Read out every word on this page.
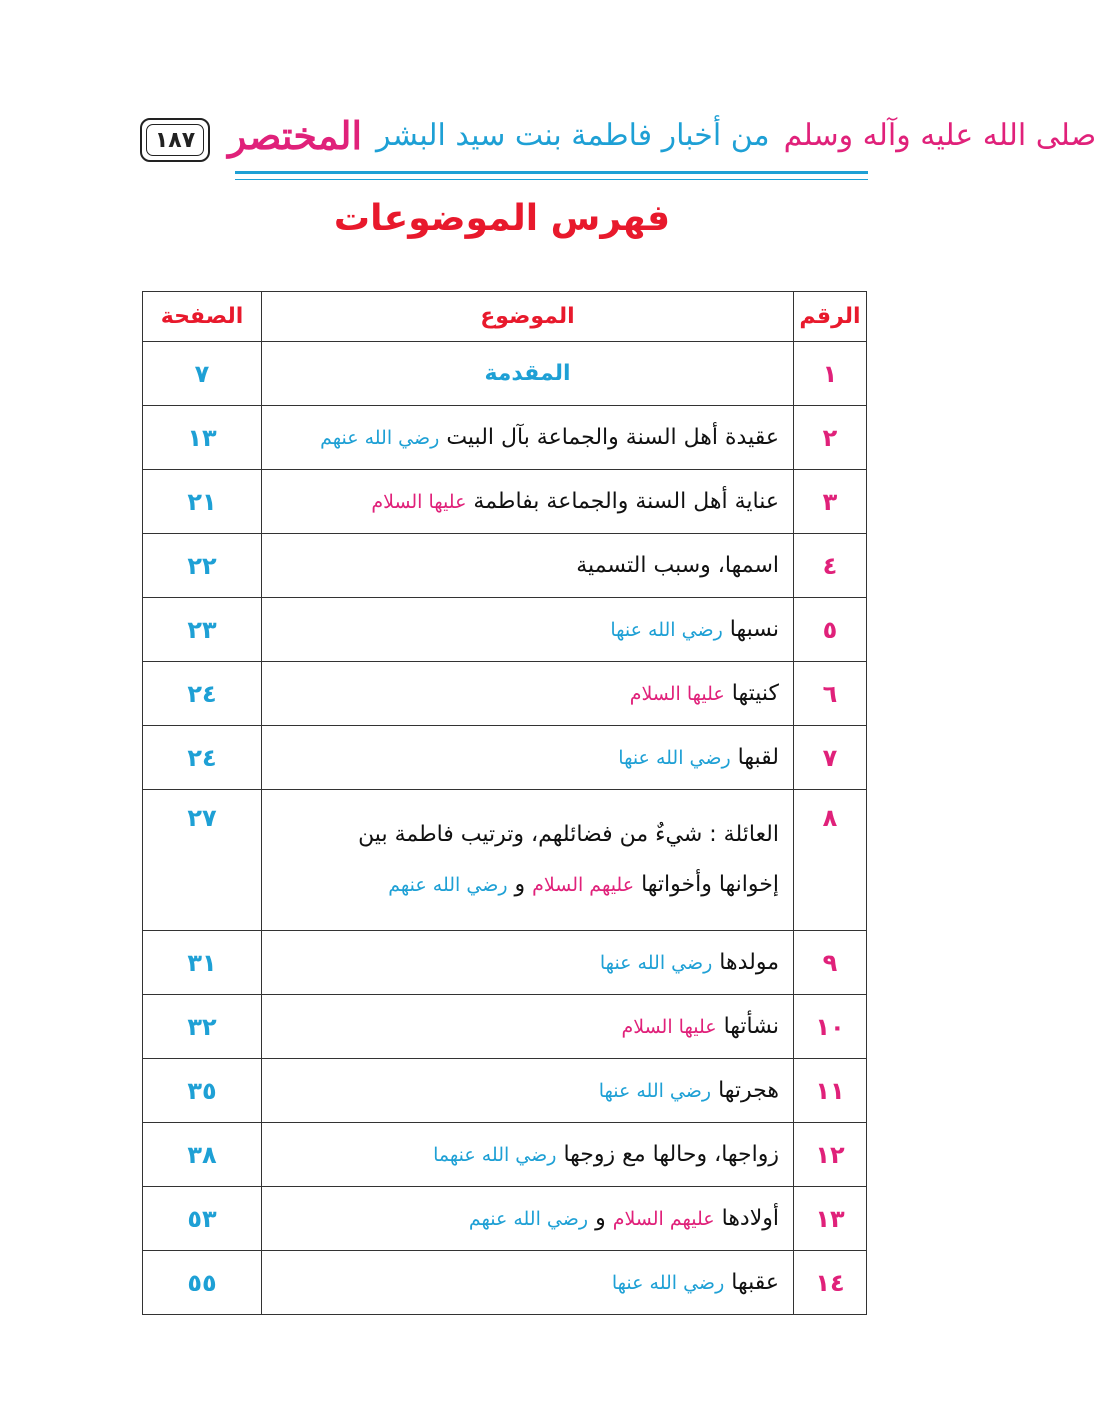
١٨٧ المختصر من أخبار فاطمة بنت سيد البشر صلى الله عليه وآله وسلم
فهرس الموضوعات
الرقم	الموضوع	الصفحة
١	المقدمة	٧
٢	عقيدة أهل السنة والجماعة بآل البيت رضي الله عنهم	١٣
٣	عناية أهل السنة والجماعة بفاطمة عليها السلام	٢١
٤	اسمها، وسبب التسمية	٢٢
٥	نسبها رضي الله عنها	٢٣
٦	كنيتها عليها السلام	٢٤
٧	لقبها رضي الله عنها	٢٤
٨	العائلة : شيءٌ من فضائلهم، وترتيب فاطمة بين
إخوانها وأخواتها عليهم السلام و رضي الله عنهم	٢٧
٩	مولدها رضي الله عنها	٣١
١٠	نشأتها عليها السلام	٣٢
١١	هجرتها رضي الله عنها	٣٥
١٢	زواجها، وحالها مع زوجها رضي الله عنهما	٣٨
١٣	أولادها عليهم السلام و رضي الله عنهم	٥٣
١٤	عقبها رضي الله عنها	٥٥
